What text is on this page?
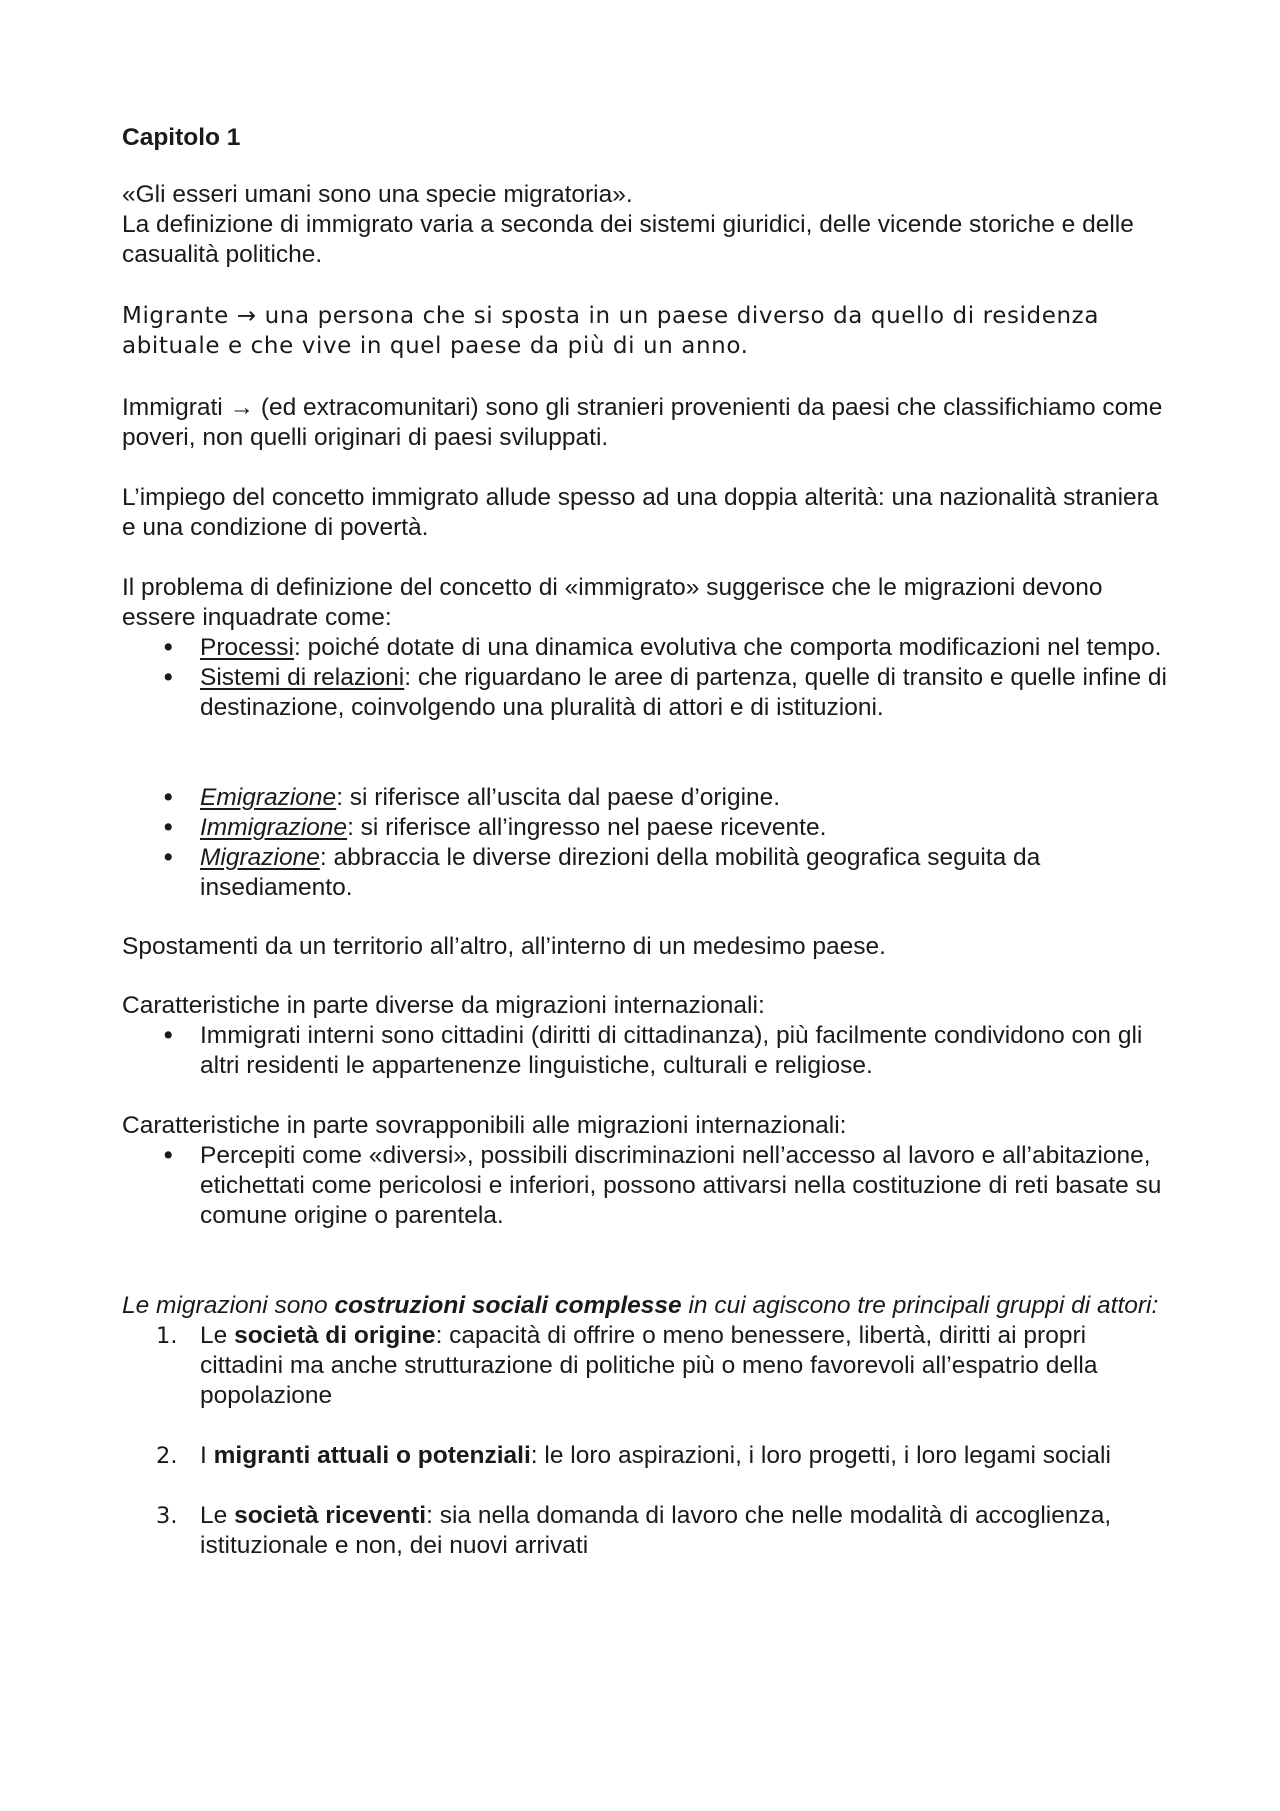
Capitolo 1
«Gli esseri umani sono una specie migratoria».
La definizione di immigrato varia a seconda dei sistemi giuridici, delle vicende storiche e delle casualità politiche.
Migrante → una persona che si sposta in un paese diverso da quello di residenza abituale e che vive in quel paese da più di un anno.
Immigrati → (ed extracomunitari) sono gli stranieri provenienti da paesi che classifichiamo come poveri, non quelli originari di paesi sviluppati.
L’impiego del concetto immigrato allude spesso ad una doppia alterità: una nazionalità straniera e una condizione di povertà.
Il problema di definizione del concetto di «immigrato» suggerisce che le migrazioni devono essere inquadrate come:
• Processi: poiché dotate di una dinamica evolutiva che comporta modificazioni nel tempo.
• Sistemi di relazioni: che riguardano le aree di partenza, quelle di transito e quelle infine di destinazione, coinvolgendo una pluralità di attori e di istituzioni.
• Emigrazione: si riferisce all’uscita dal paese d’origine.
• Immigrazione: si riferisce all’ingresso nel paese ricevente.
• Migrazione: abbraccia le diverse direzioni della mobilità geografica seguita da insediamento.
Spostamenti da un territorio all’altro, all’interno di un medesimo paese.
Caratteristiche in parte diverse da migrazioni internazionali:
• Immigrati interni sono cittadini (diritti di cittadinanza), più facilmente condividono con gli altri residenti le appartenenze linguistiche, culturali e religiose.
Caratteristiche in parte sovrapponibili alle migrazioni internazionali:
• Percepiti come «diversi», possibili discriminazioni nell’accesso al lavoro e all’abitazione, etichettati come pericolosi e inferiori, possono attivarsi nella costituzione di reti basate su comune origine o parentela.
Le migrazioni sono costruzioni sociali complesse in cui agiscono tre principali gruppi di attori:
1. Le società di origine: capacità di offrire o meno benessere, libertà, diritti ai propri cittadini ma anche strutturazione di politiche più o meno favorevoli all’espatrio della popolazione
2. I migranti attuali o potenziali: le loro aspirazioni, i loro progetti, i loro legami sociali
3. Le società riceventi: sia nella domanda di lavoro che nelle modalità di accoglienza, istituzionale e non, dei nuovi arrivati
